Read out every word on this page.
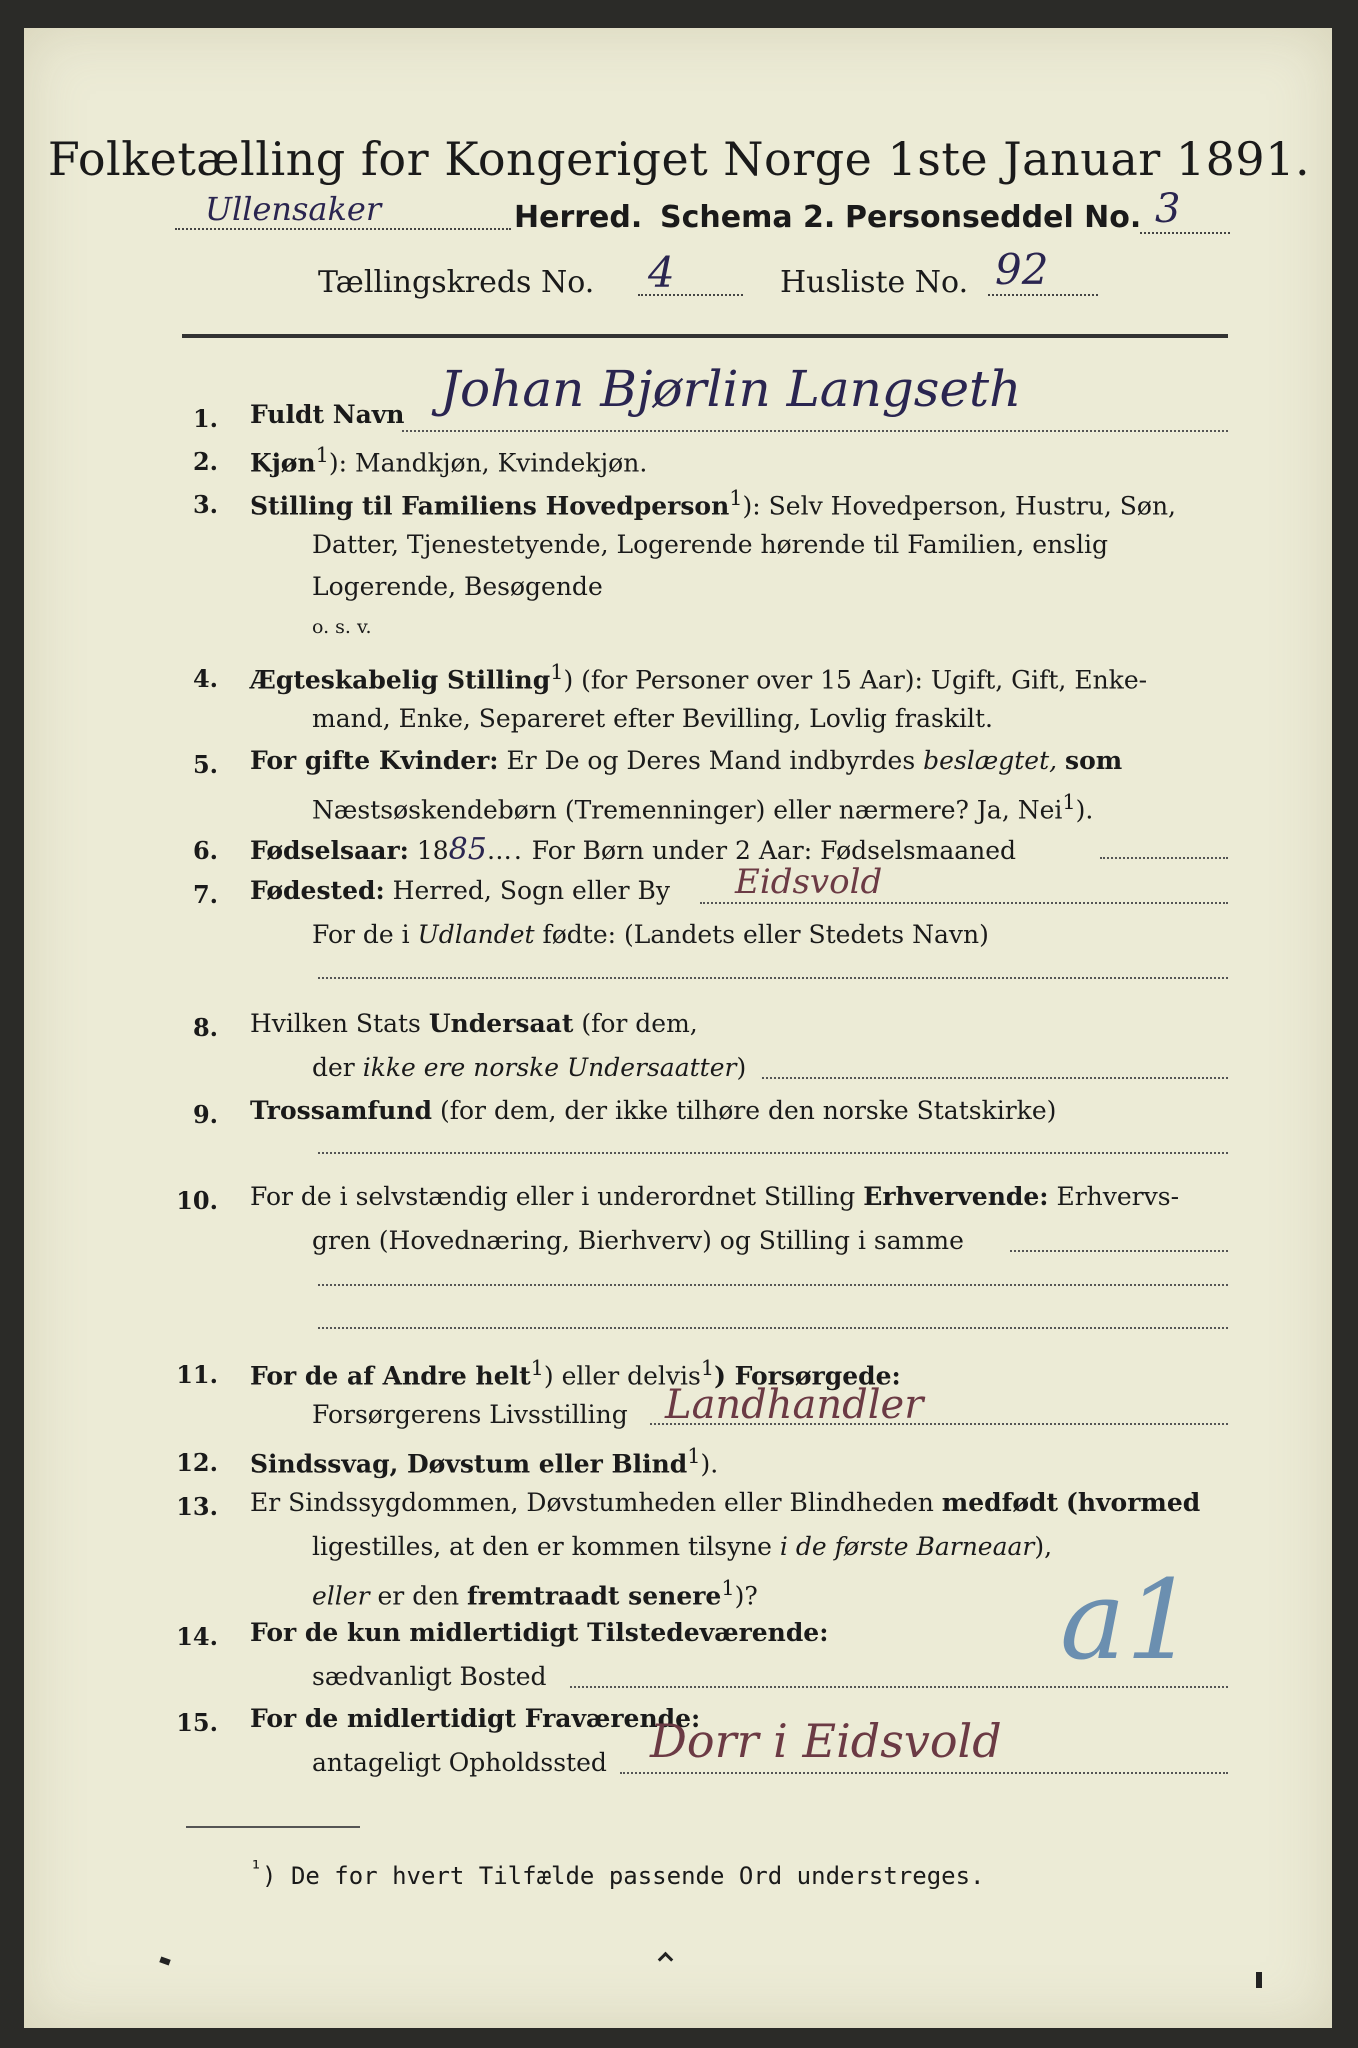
Folketælling for Kongeriget Norge 1ste Januar 1891.
Ullensaker	Herred. Schema 2. Personseddel No. 3
Tællingskreds No. 4	Husliste No. 92
1. Fuldt Navn Johan Bjørlin Langseth
2. Kjøn$^1$): Mandkjøn, Kvindekjøn.
3. Stilling til Familiens Hovedperson$^1$): Selv Hovedperson, Hustru, Søn,
Datter, Tjenestetyende, Logerende hørende til Familien, enslig
Logerende, Besøgende
o. s. v.
4. Ægteskabelig Stilling$^1$) (for Personer over 15 Aar): Ugift, Gift, Enke-
mand, Enke, Separeret efter Bevilling, Lovlig fraskilt.
5. For gifte Kvinder: Er De og Deres Mand indbyrdes beslægtet, som
Næstsøskendebørn (Tremenninger) eller nærmere? Ja, Nei$^1$).
6. Fødselsaar: 1885…. For Børn under 2 Aar: Fødselsmaaned
7. Fødested: Herred, Sogn eller By Eidsvold
For de i Udlandet fødte: (Landets eller Stedets Navn)
8. Hvilken Stats Undersaat (for dem,
der ikke ere norske Undersaatter)
9. Trossamfund (for dem, der ikke tilhøre den norske Statskirke)
10. For de i selvstændig eller i underordnet Stilling Erhvervende: Erhvervs-
gren (Hovednæring, Bierhverv) og Stilling i samme
11. For de af Andre helt$^1$) eller delvis$^1$) Forsørgede:
Forsørgerens Livsstilling Landhandler
12. Sindssvag, Døvstum eller Blind$^1$).
13. Er Sindssygdommen, Døvstumheden eller Blindheden medfødt (hvormed
ligestilles, at den er kommen tilsyne i de første Barneaar),
eller er den fremtraadt senere$^1$)?	a1
14. For de kun midlertidigt Tilstedeværende:
sædvanligt Bosted
15. For de midlertidigt Fraværende:
antageligt Opholdssted Dorr i Eidsvold
$^{^1}$) De for hvert Tilfælde passende Ord understreges.
